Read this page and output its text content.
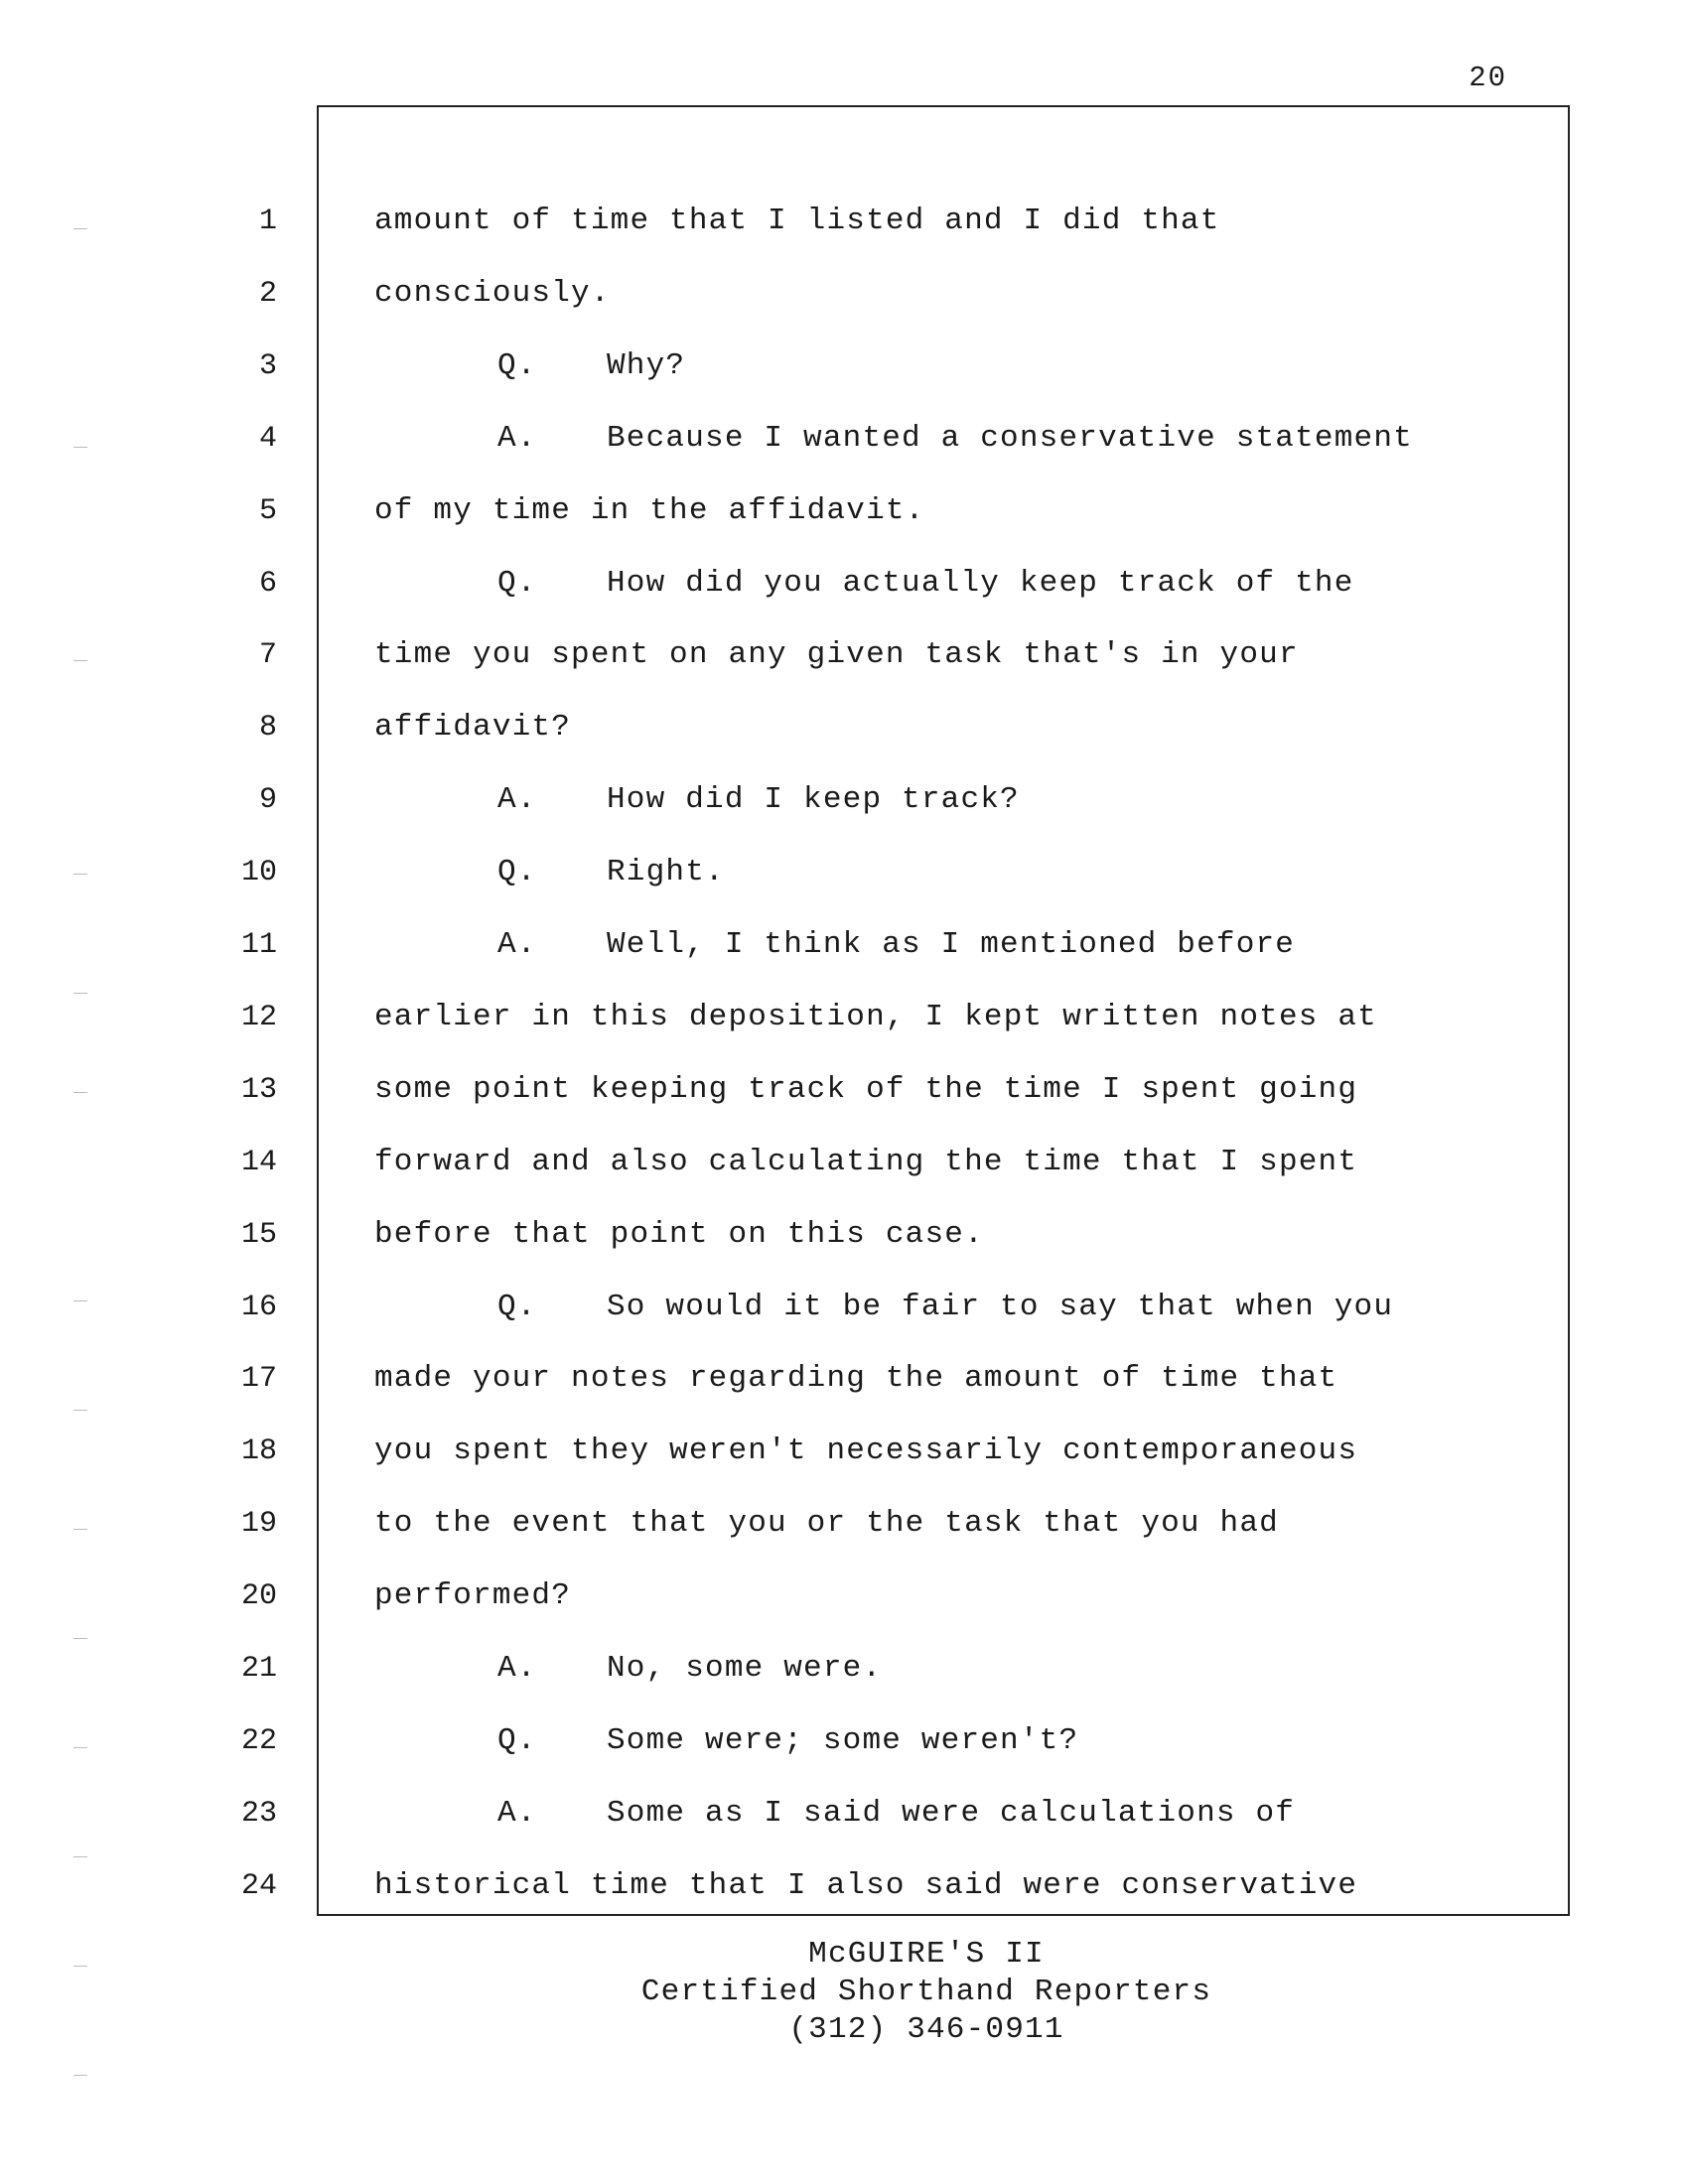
20
1	amount of time that I listed and I did that
2	consciously.
3	Q. Why?
4	A. Because I wanted a conservative statement
5	of my time in the affidavit.
6	Q. How did you actually keep track of the
7	time you spent on any given task that's in your
8	affidavit?
9	A. How did I keep track?
10	Q. Right.
11	A. Well, I think as I mentioned before
12	earlier in this deposition, I kept written notes at
13	some point keeping track of the time I spent going
14	forward and also calculating the time that I spent
15	before that point on this case.
16	Q. So would it be fair to say that when you
17	made your notes regarding the amount of time that
18	you spent they weren't necessarily contemporaneous
19	to the event that you or the task that you had
20	performed?
21	A. No, some were.
22	Q. Some were; some weren't?
23	A. Some as I said were calculations of
24	historical time that I also said were conservative
McGUIRE'S II
Certified Shorthand Reporters
(312) 346-0911
